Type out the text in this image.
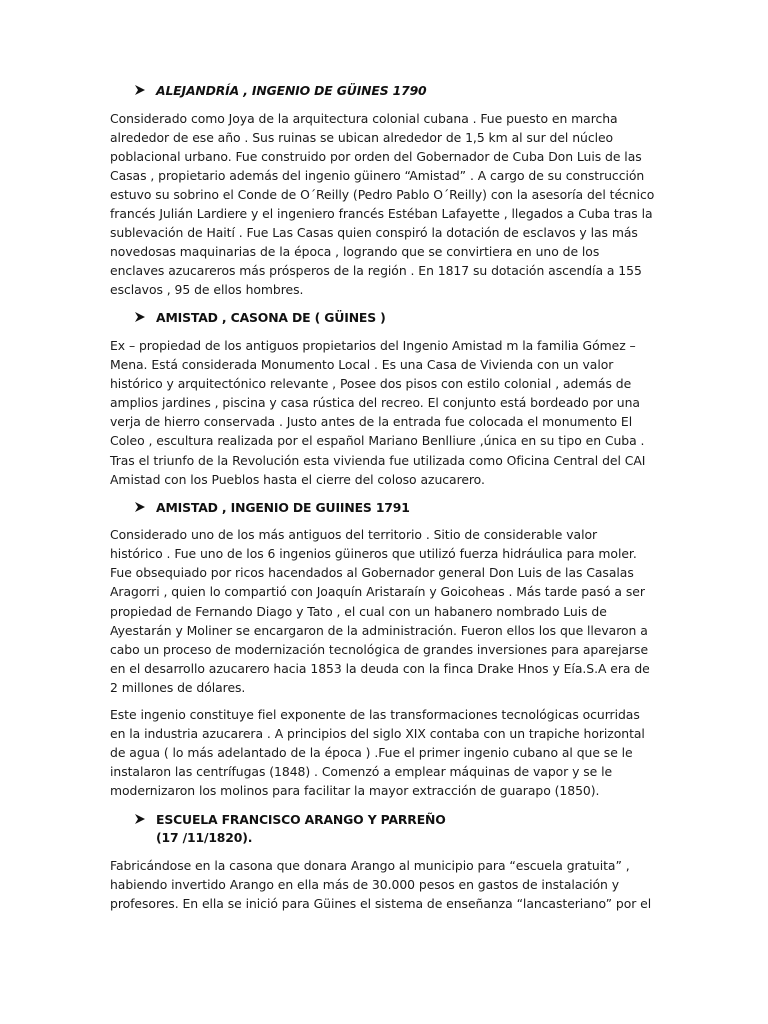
ALEJANDRÍA , INGENIO DE GÜINES 1790

Considerado como Joya de la arquitectura colonial cubana . Fue puesto en marcha
alrededor de ese año . Sus ruinas se ubican alrededor de 1,5 km al sur del núcleo
poblacional urbano. Fue construido por orden del Gobernador de Cuba Don Luis de las
Casas , propietario además del ingenio güinero “Amistad” . A cargo de su construcción
estuvo su sobrino el Conde de O´Reilly (Pedro Pablo O´Reilly) con la asesoría del técnico
francés Julián Lardiere y el ingeniero francés Estéban Lafayette , llegados a Cuba tras la
sublevación de Haití . Fue Las Casas quien conspiró la dotación de esclavos y las más
novedosas maquinarias de la época , logrando que se convirtiera en uno de los
enclaves azucareros más prósperos de la región . En 1817 su dotación ascendía a 155
esclavos , 95 de ellos hombres.

AMISTAD , CASONA DE ( GÜINES )

Ex – propiedad de los antiguos propietarios del Ingenio Amistad m la familia Gómez –
Mena. Está considerada Monumento Local . Es una Casa de Vivienda con un valor
histórico y arquitectónico relevante , Posee dos pisos con estilo colonial , además de
amplios jardines , piscina y casa rústica del recreo. El conjunto está bordeado por una
verja de hierro conservada . Justo antes de la entrada fue colocada el monumento El
Coleo , escultura realizada por el español Mariano Benlliure ,única en su tipo en Cuba .
Tras el triunfo de la Revolución esta vivienda fue utilizada como Oficina Central del CAI
Amistad con los Pueblos hasta el cierre del coloso azucarero.

AMISTAD , INGENIO DE GUIINES 1791

Considerado uno de los más antiguos del territorio . Sitio de considerable valor
histórico . Fue uno de los 6 ingenios güineros que utilizó fuerza hidráulica para moler.
Fue obsequiado por ricos hacendados al Gobernador general Don Luis de las Casalas
Aragorri , quien lo compartió con Joaquín Aristaraín y Goicoheas . Más tarde pasó a ser
propiedad de Fernando Diago y Tato , el cual con un habanero nombrado Luis de
Ayestarán y Moliner se encargaron de la administración. Fueron ellos los que llevaron a
cabo un proceso de modernización tecnológica de grandes inversiones para aparejarse
en el desarrollo azucarero hacia 1853 la deuda con la finca Drake Hnos y Eía.S.A era de
2 millones de dólares.

Este ingenio constituye fiel exponente de las transformaciones tecnológicas ocurridas
en la industria azucarera . A principios del siglo XIX contaba con un trapiche horizontal
de agua ( lo más adelantado de la época ) .Fue el primer ingenio cubano al que se le
instalaron las centrífugas (1848) . Comenzó a emplear máquinas de vapor y se le
modernizaron los molinos para facilitar la mayor extracción de guarapo (1850).

ESCUELA FRANCISCO ARANGO Y PARREÑO
(17 /11/1820).

Fabricándose en la casona que donara Arango al municipio para “escuela gratuita” ,
habiendo invertido Arango en ella más de 30.000 pesos en gastos de instalación y
profesores. En ella se inició para Güines el sistema de enseñanza “lancasteriano” por el
